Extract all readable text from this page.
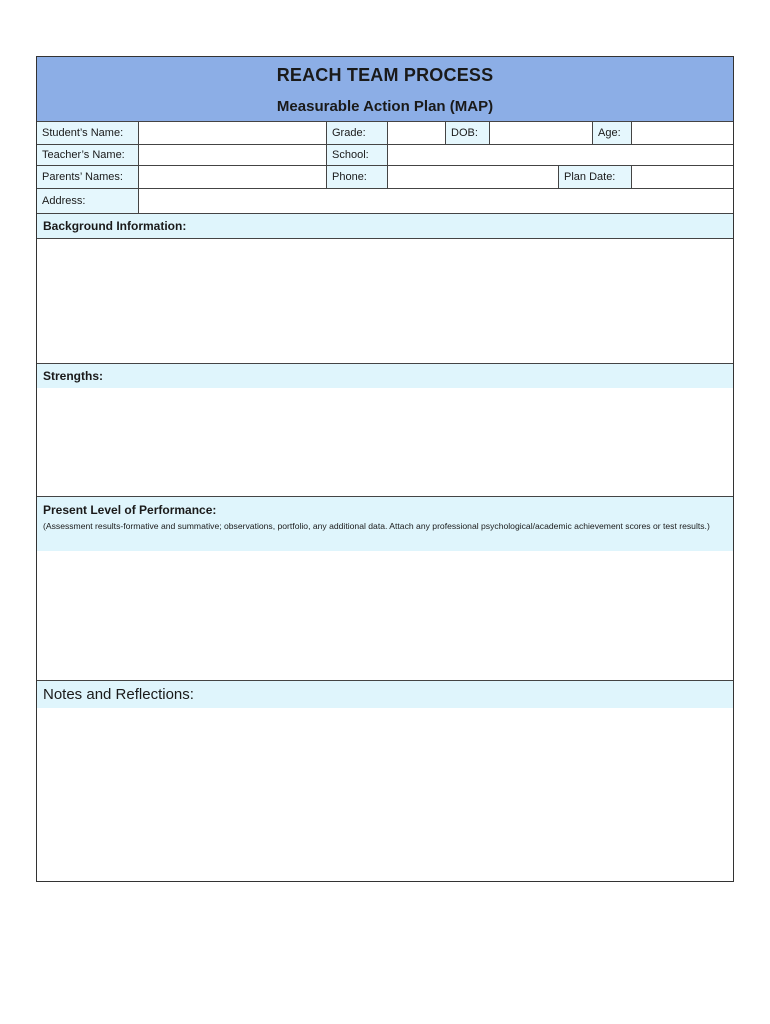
REACH TEAM PROCESS
Measurable Action Plan (MAP)
Student’s Name:	Grade:	DOB:	Age:
Teacher’s Name:	School:
Parents’ Names:	Phone:	Plan Date:
Address:
Background Information:
Strengths:
Present Level of Performance:
(Assessment results-formative and summative; observations, portfolio, any additional data. Attach any professional psychological/academic achievement scores or test results.)
Notes and Reflections:
